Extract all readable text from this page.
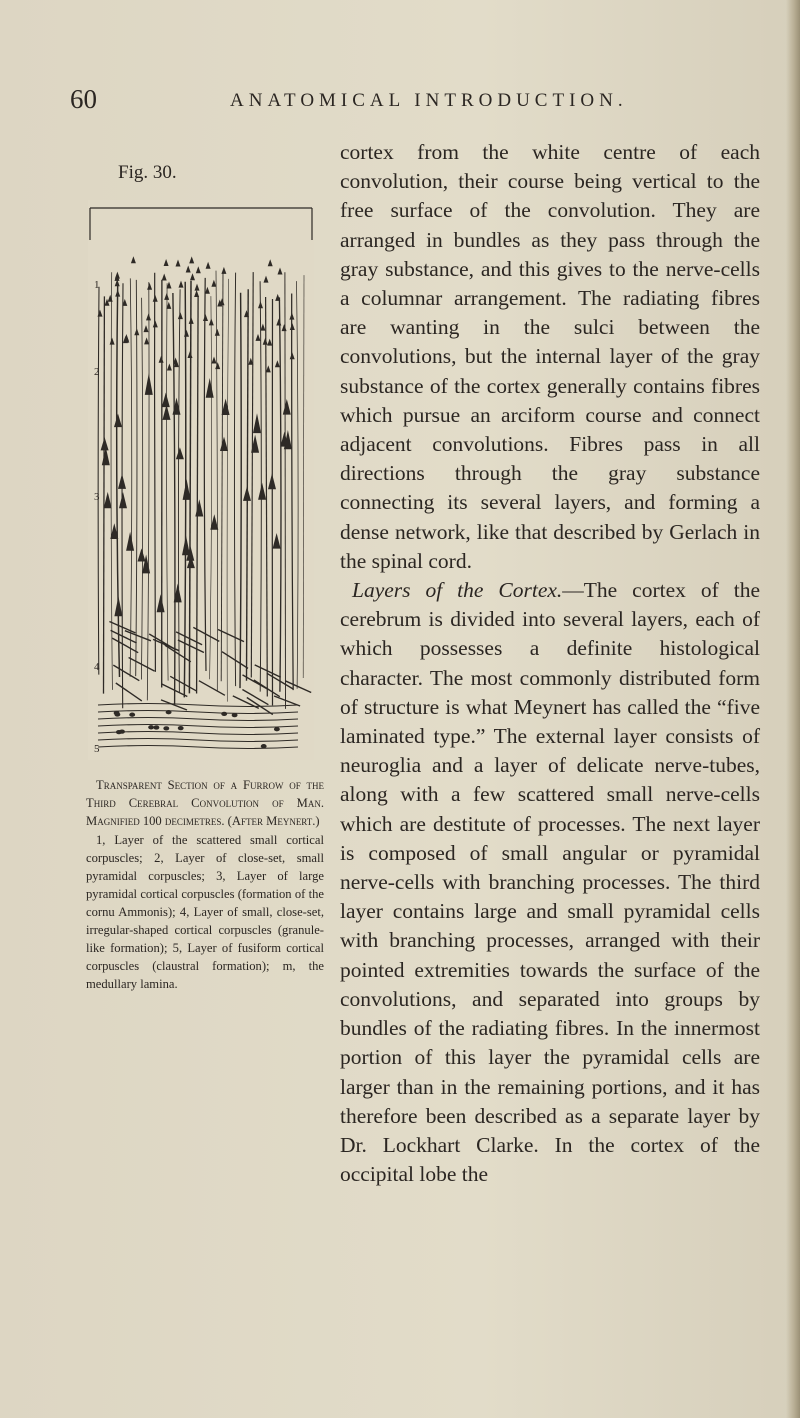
60	ANATOMICAL INTRODUCTION.
Fig. 30.
1
2
3
4
5
Transparent Section of a Furrow of the Third Cerebral Convolution of Man. Magnified 100 decimetres. (After Meynert.)
1, Layer of the scattered small cortical corpuscles; 2, Layer of close-set, small pyramidal corpuscles; 3, Layer of large pyramidal cortical corpuscles (formation of the cornu Ammonis); 4, Layer of small, close-set, irregular-shaped cortical corpuscles (granule-like formation); 5, Layer of fusiform cortical corpuscles (claustral formation); m, the medullary lamina.

cortex from the white centre of each convolution, their course being vertical to the free surface of the convolution. They are arranged in bundles as they pass through the gray substance, and this gives to the nerve-cells a columnar arrangement. The radiating fibres are wanting in the sulci between the convolutions, but the internal layer of the gray substance of the cortex generally contains fibres which pursue an arciform course and connect adjacent convolutions. Fibres pass in all directions through the gray substance connecting its several layers, and forming a dense network, like that described by Gerlach in the spinal cord.

Layers of the Cortex.—The cortex of the cerebrum is divided into several layers, each of which possesses a definite histological character. The most commonly distributed form of structure is what Meynert has called the “five laminated type.” The external layer consists of neuroglia and a layer of delicate nerve-tubes, along with a few scattered small nerve-cells which are destitute of processes. The next layer is composed of small angular or pyramidal nerve-cells with branching processes. The third layer contains large and small pyramidal cells with branching processes, arranged with their pointed extremities towards the surface of the convolutions, and separated into groups by bundles of the radiating fibres. In the innermost portion of this layer the pyramidal cells are larger than in the remaining portions, and it has therefore been described as a separate layer by Dr. Lockhart Clarke. In the cortex of the occipital lobe the
